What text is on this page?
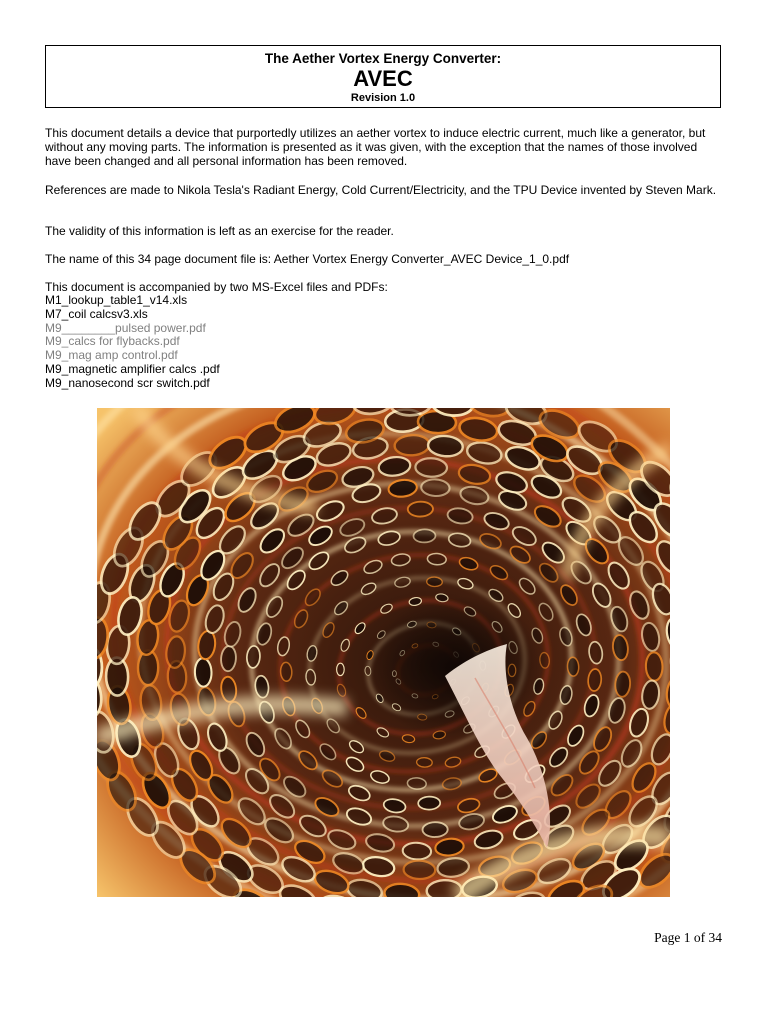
The Aether Vortex Energy Converter:
AVEC
Revision 1.0

This document details a device that purportedly utilizes an aether vortex to induce electric current, much like a generator, but without any moving parts. The information is presented as it was given, with the exception that the names of those involved have been changed and all personal information has been removed.

References are made to Nikola Tesla's Radiant Energy, Cold Current/Electricity, and the TPU Device invented by Steven Mark.

The validity of this information is left as an exercise for the reader.

The name of this 34 page document file is: Aether Vortex Energy Converter_AVEC Device_1_0.pdf

This document is accompanied by two MS-Excel files and PDFs:

M1_lookup_table1_v14.xls
M7_coil calcsv3.xls
M9________pulsed power.pdf
M9_calcs for flybacks.pdf
M9_mag amp control.pdf
M9_magnetic amplifier calcs .pdf
M9_nanosecond scr switch.pdf
Page 1 of 34
